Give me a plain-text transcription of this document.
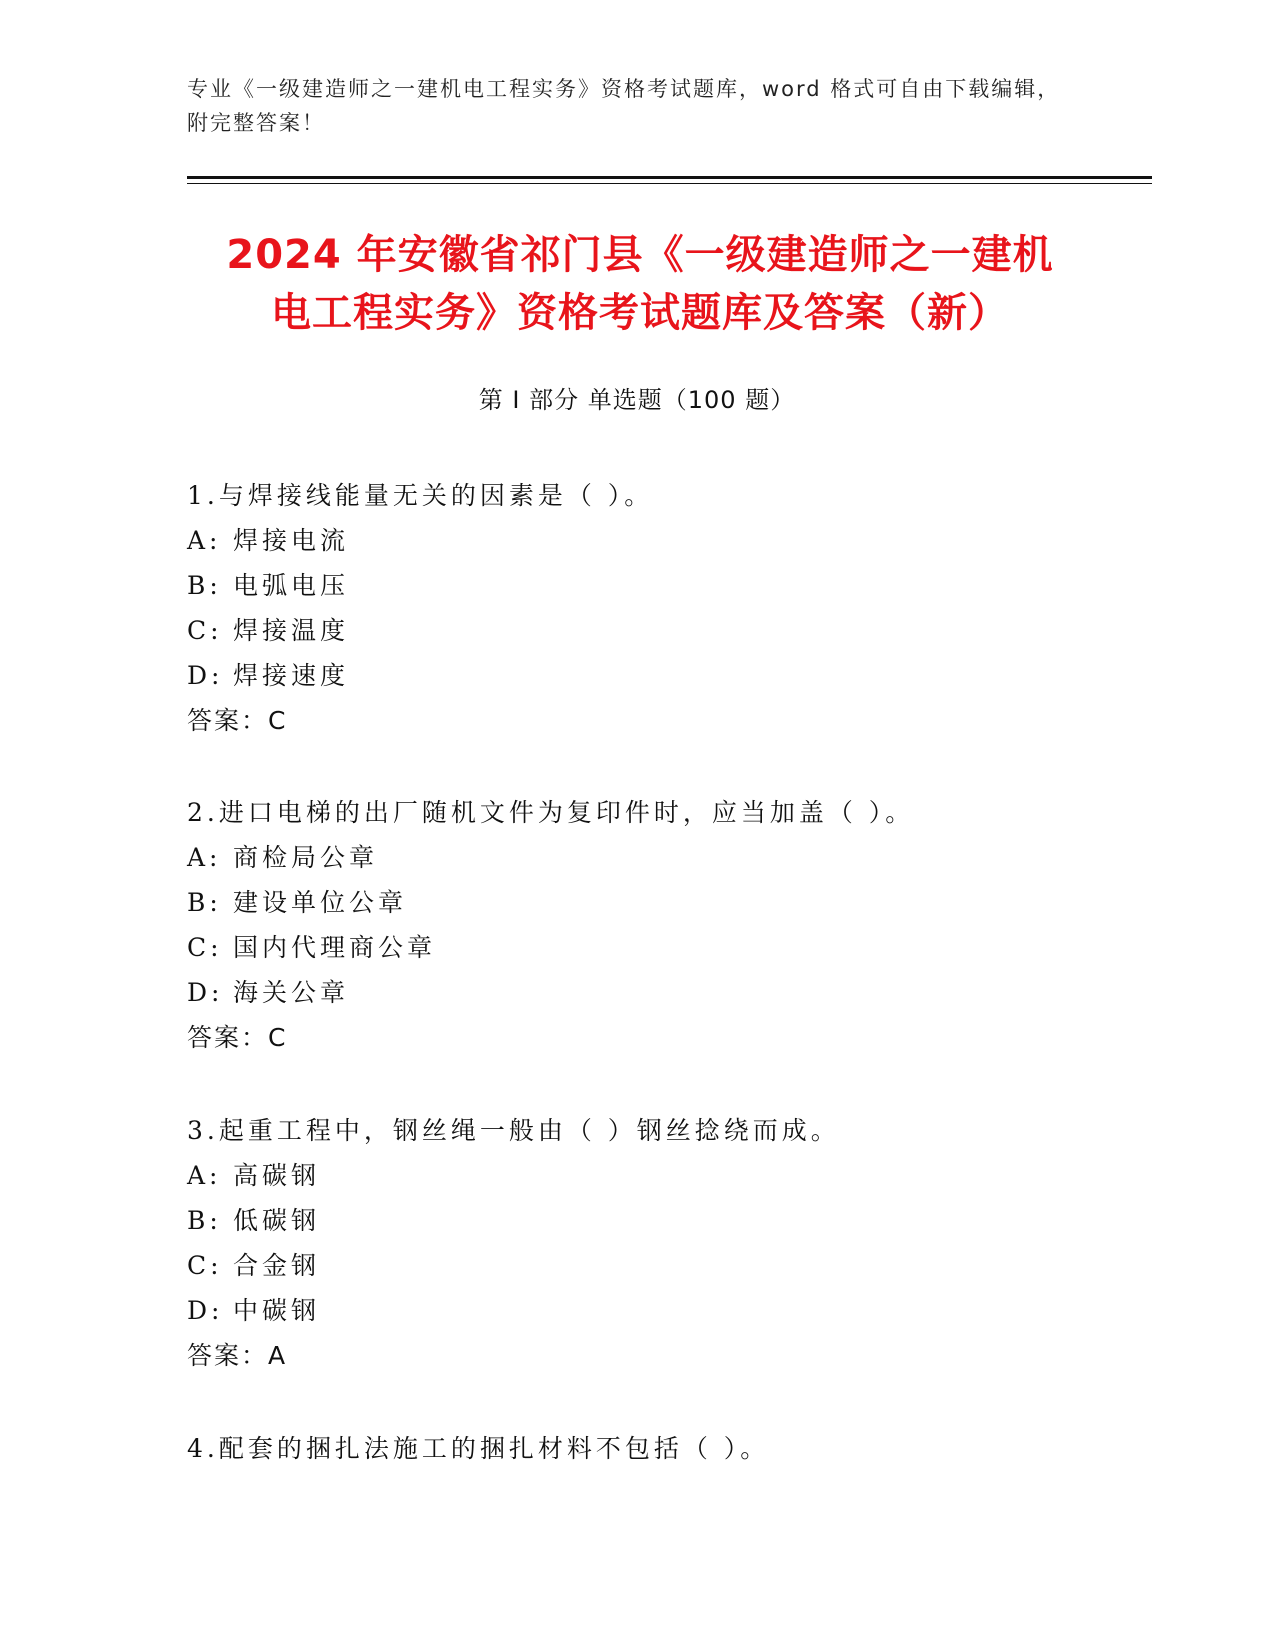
专业《一级建造师之一建机电工程实务》资格考试题库，word 格式可自由下载编辑，附完整答案！
2024 年安徽省祁门县《一级建造师之一建机
电工程实务》资格考试题库及答案（新）
第 I 部分 单选题（100 题）
1.与焊接线能量无关的因素是（ ）。
A: 焊接电流
B: 电弧电压
C: 焊接温度
D: 焊接速度
答案：C
2.进口电梯的出厂随机文件为复印件时，应当加盖（ ）。
A: 商检局公章
B: 建设单位公章
C: 国内代理商公章
D: 海关公章
答案：C
3.起重工程中，钢丝绳一般由（ ）钢丝捻绕而成。
A: 高碳钢
B: 低碳钢
C: 合金钢
D: 中碳钢
答案：A
4.配套的捆扎法施工的捆扎材料不包括（ ）。
